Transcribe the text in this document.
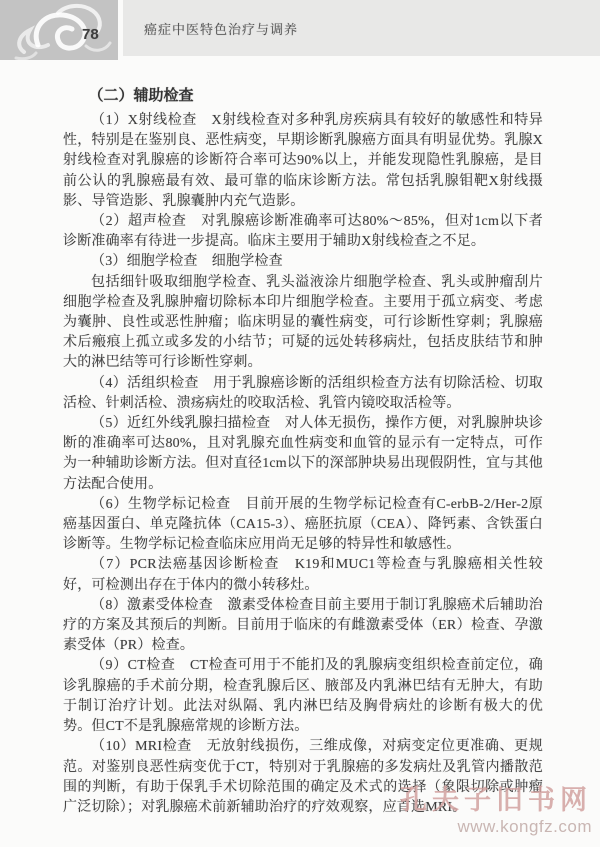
78	癌症中医特色治疗与调养
（二）辅助检查

（1）X射线检查　X射线检查对多种乳房疾病具有较好的敏感性和特异性，特别是在鉴别良、恶性病变，早期诊断乳腺癌方面具有明显优势。乳腺X射线检查对乳腺癌的诊断符合率可达90%以上，并能发现隐性乳腺癌，是目前公认的乳腺癌最有效、最可靠的临床诊断方法。常包括乳腺钼靶X射线摄影、导管造影、乳腺囊肿内充气造影。

（2）超声检查　对乳腺癌诊断准确率可达80%～85%，但对1cm以下者诊断准确率有待进一步提高。临床主要用于辅助X射线检查之不足。

（3）细胞学检查　细胞学检查

包括细针吸取细胞学检查、乳头溢液涂片细胞学检查、乳头或肿瘤刮片细胞学检查及乳腺肿瘤切除标本印片细胞学检查。主要用于孤立病变、考虑为囊肿、良性或恶性肿瘤；临床明显的囊性病变，可行诊断性穿刺；乳腺癌术后瘢痕上孤立或多发的小结节；可疑的远处转移病灶，包括皮肤结节和肿大的淋巴结等可行诊断性穿刺。

（4）活组织检查　用于乳腺癌诊断的活组织检查方法有切除活检、切取活检、针刺活检、溃疡病灶的咬取活检、乳管内镜咬取活检等。

（5）近红外线乳腺扫描检查　对人体无损伤，操作方便，对乳腺肿块诊断的准确率可达80%，且对乳腺充血性病变和血管的显示有一定特点，可作为一种辅助诊断方法。但对直径1cm以下的深部肿块易出现假阴性，宜与其他方法配合使用。

（6）生物学标记检查　目前开展的生物学标记检查有C-erbB-2/Her-2原癌基因蛋白、单克隆抗体（CA15-3）、癌胚抗原（CEA）、降钙素、含铁蛋白诊断等。生物学标记检查临床应用尚无足够的特异性和敏感性。

（7）PCR法癌基因诊断检查　K19和MUC1等检查与乳腺癌相关性较好，可检测出存在于体内的微小转移灶。

（8）激素受体检查　激素受体检查目前主要用于制订乳腺癌术后辅助治疗的方案及其预后的判断。目前用于临床的有雌激素受体（ER）检查、孕激素受体（PR）检查。

（9）CT检查　CT检查可用于不能扪及的乳腺病变组织检查前定位，确诊乳腺癌的手术前分期，检查乳腺后区、腋部及内乳淋巴结有无肿大，有助于制订治疗计划。此法对纵隔、乳内淋巴结及胸骨病灶的诊断有极大的优势。但CT不是乳腺癌常规的诊断方法。

（10）MRI检查　无放射线损伤，三维成像，对病变定位更准确、更规范。对鉴别良恶性病变优于CT，特别对于乳腺癌的多发病灶及乳管内播散范围的判断，有助于保乳手术切除范围的确定及术式的选择（象限切除或肿瘤广泛切除）；对乳腺癌术前新辅助治疗的疗效观察，应首选MRI。

孔夫子旧书网
www.kongfz.com
